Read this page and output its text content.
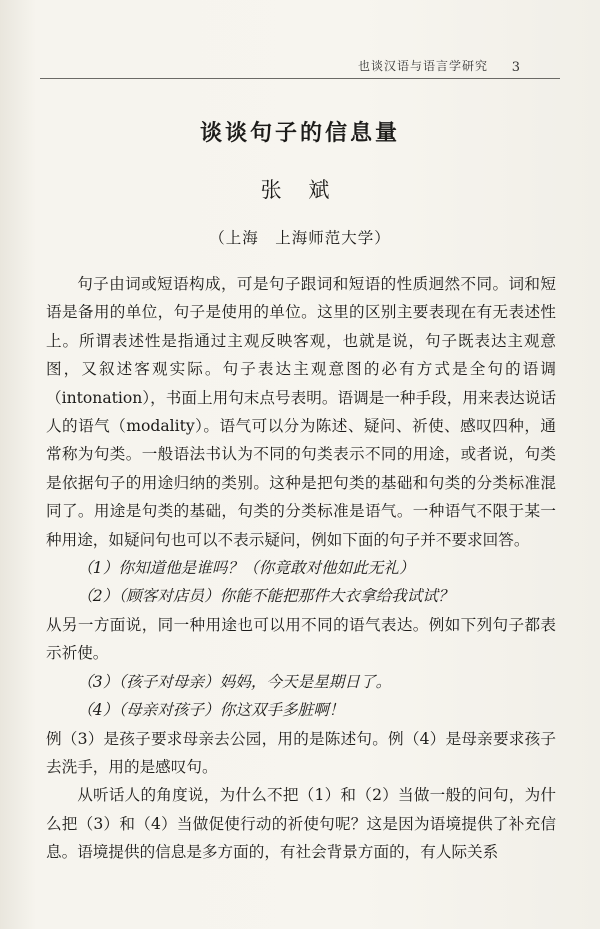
也谈汉语与语言学研究 3
谈谈句子的信息量
张 斌
（上海　上海师范大学）

句子由词或短语构成，可是句子跟词和短语的性质迥然不同。词和短语是备用的单位，句子是使用的单位。这里的区别主要表现在有无表述性上。所谓表述性是指通过主观反映客观，也就是说，句子既表达主观意图，又叙述客观实际。句子表达主观意图的必有方式是全句的语调（intonation），书面上用句末点号表明。语调是一种手段，用来表达说话人的语气（modality）。语气可以分为陈述、疑问、祈使、感叹四种，通常称为句类。一般语法书认为不同的句类表示不同的用途，或者说，句类是依据句子的用途归纳的类别。这种是把句类的基础和句类的分类标准混同了。用途是句类的基础，句类的分类标准是语气。一种语气不限于某一种用途，如疑问句也可以不表示疑问，例如下面的句子并不要求回答。

（1）你知道他是谁吗？（你竟敢对他如此无礼）

（2）（顾客对店员）你能不能把那件大衣拿给我试试？

从另一方面说，同一种用途也可以用不同的语气表达。例如下列句子都表示祈使。

（3）（孩子对母亲）妈妈，今天是星期日了。

（4）（母亲对孩子）你这双手多脏啊！

例（3）是孩子要求母亲去公园，用的是陈述句。例（4）是母亲要求孩子去洗手，用的是感叹句。

从听话人的角度说，为什么不把（1）和（2）当做一般的问句，为什么把（3）和（4）当做促使行动的祈使句呢？这是因为语境提供了补充信息。语境提供的信息是多方面的，有社会背景方面的，有人际关系
